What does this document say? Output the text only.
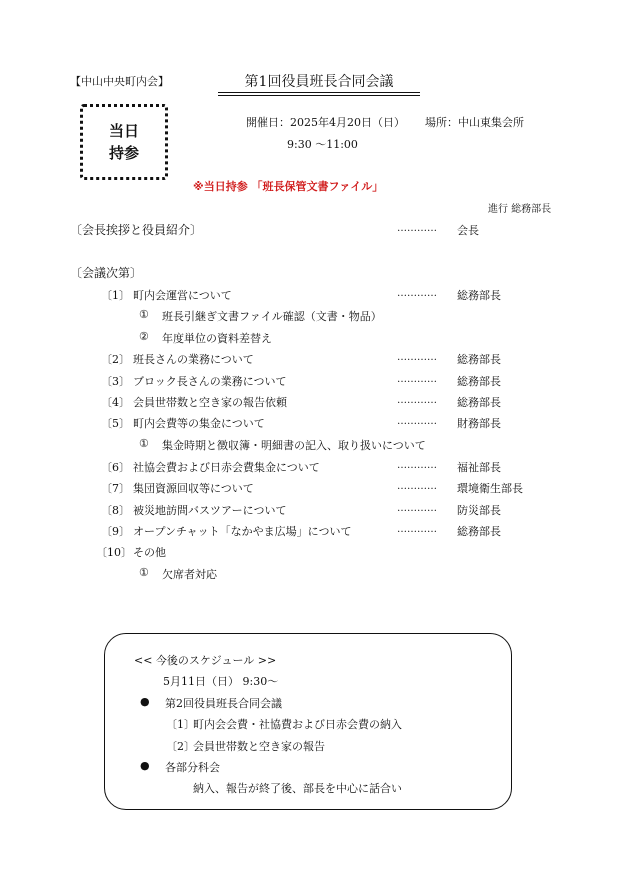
【中山中央町内会】	第1回役員班長合同会議
当日
持参
開催日：2025年4月20日（日） 場所：中山東集会所
9:30 ～11:00
※当日持参 「班長保管文書ファイル」
進行 総務部長
〔会長挨拶と役員紹介〕	………… 会長
〔会議次第〕
〔1〕 町内会運営について	………… 総務部長
① 班長引継ぎ文書ファイル確認（文書・物品）
② 年度単位の資料差替え
〔2〕 班長さんの業務について	………… 総務部長
〔3〕 ブロック長さんの業務について	………… 総務部長
〔4〕 会員世帯数と空き家の報告依頼	………… 総務部長
〔5〕 町内会費等の集金について	………… 財務部長
① 集金時期と徴収簿・明細書の記入、取り扱いについて
〔6〕 社協会費および日赤会費集金について	………… 福祉部長
〔7〕 集団資源回収等について	………… 環境衛生部長
〔8〕 被災地訪問バスツアーについて	………… 防災部長
〔9〕 オープンチャット「なかやま広場」について	………… 総務部長
〔10〕 その他
① 欠席者対応
<< 今後のスケジュール >>
5月11日（日） 9:30～
● 第2回役員班長合同会議
〔1〕
町内会会費・社協費および日赤会費の納入
〔2〕
会員世帯数と空き家の報告
● 各部分科会
納入、報告が終了後、部長を中心に話合い
